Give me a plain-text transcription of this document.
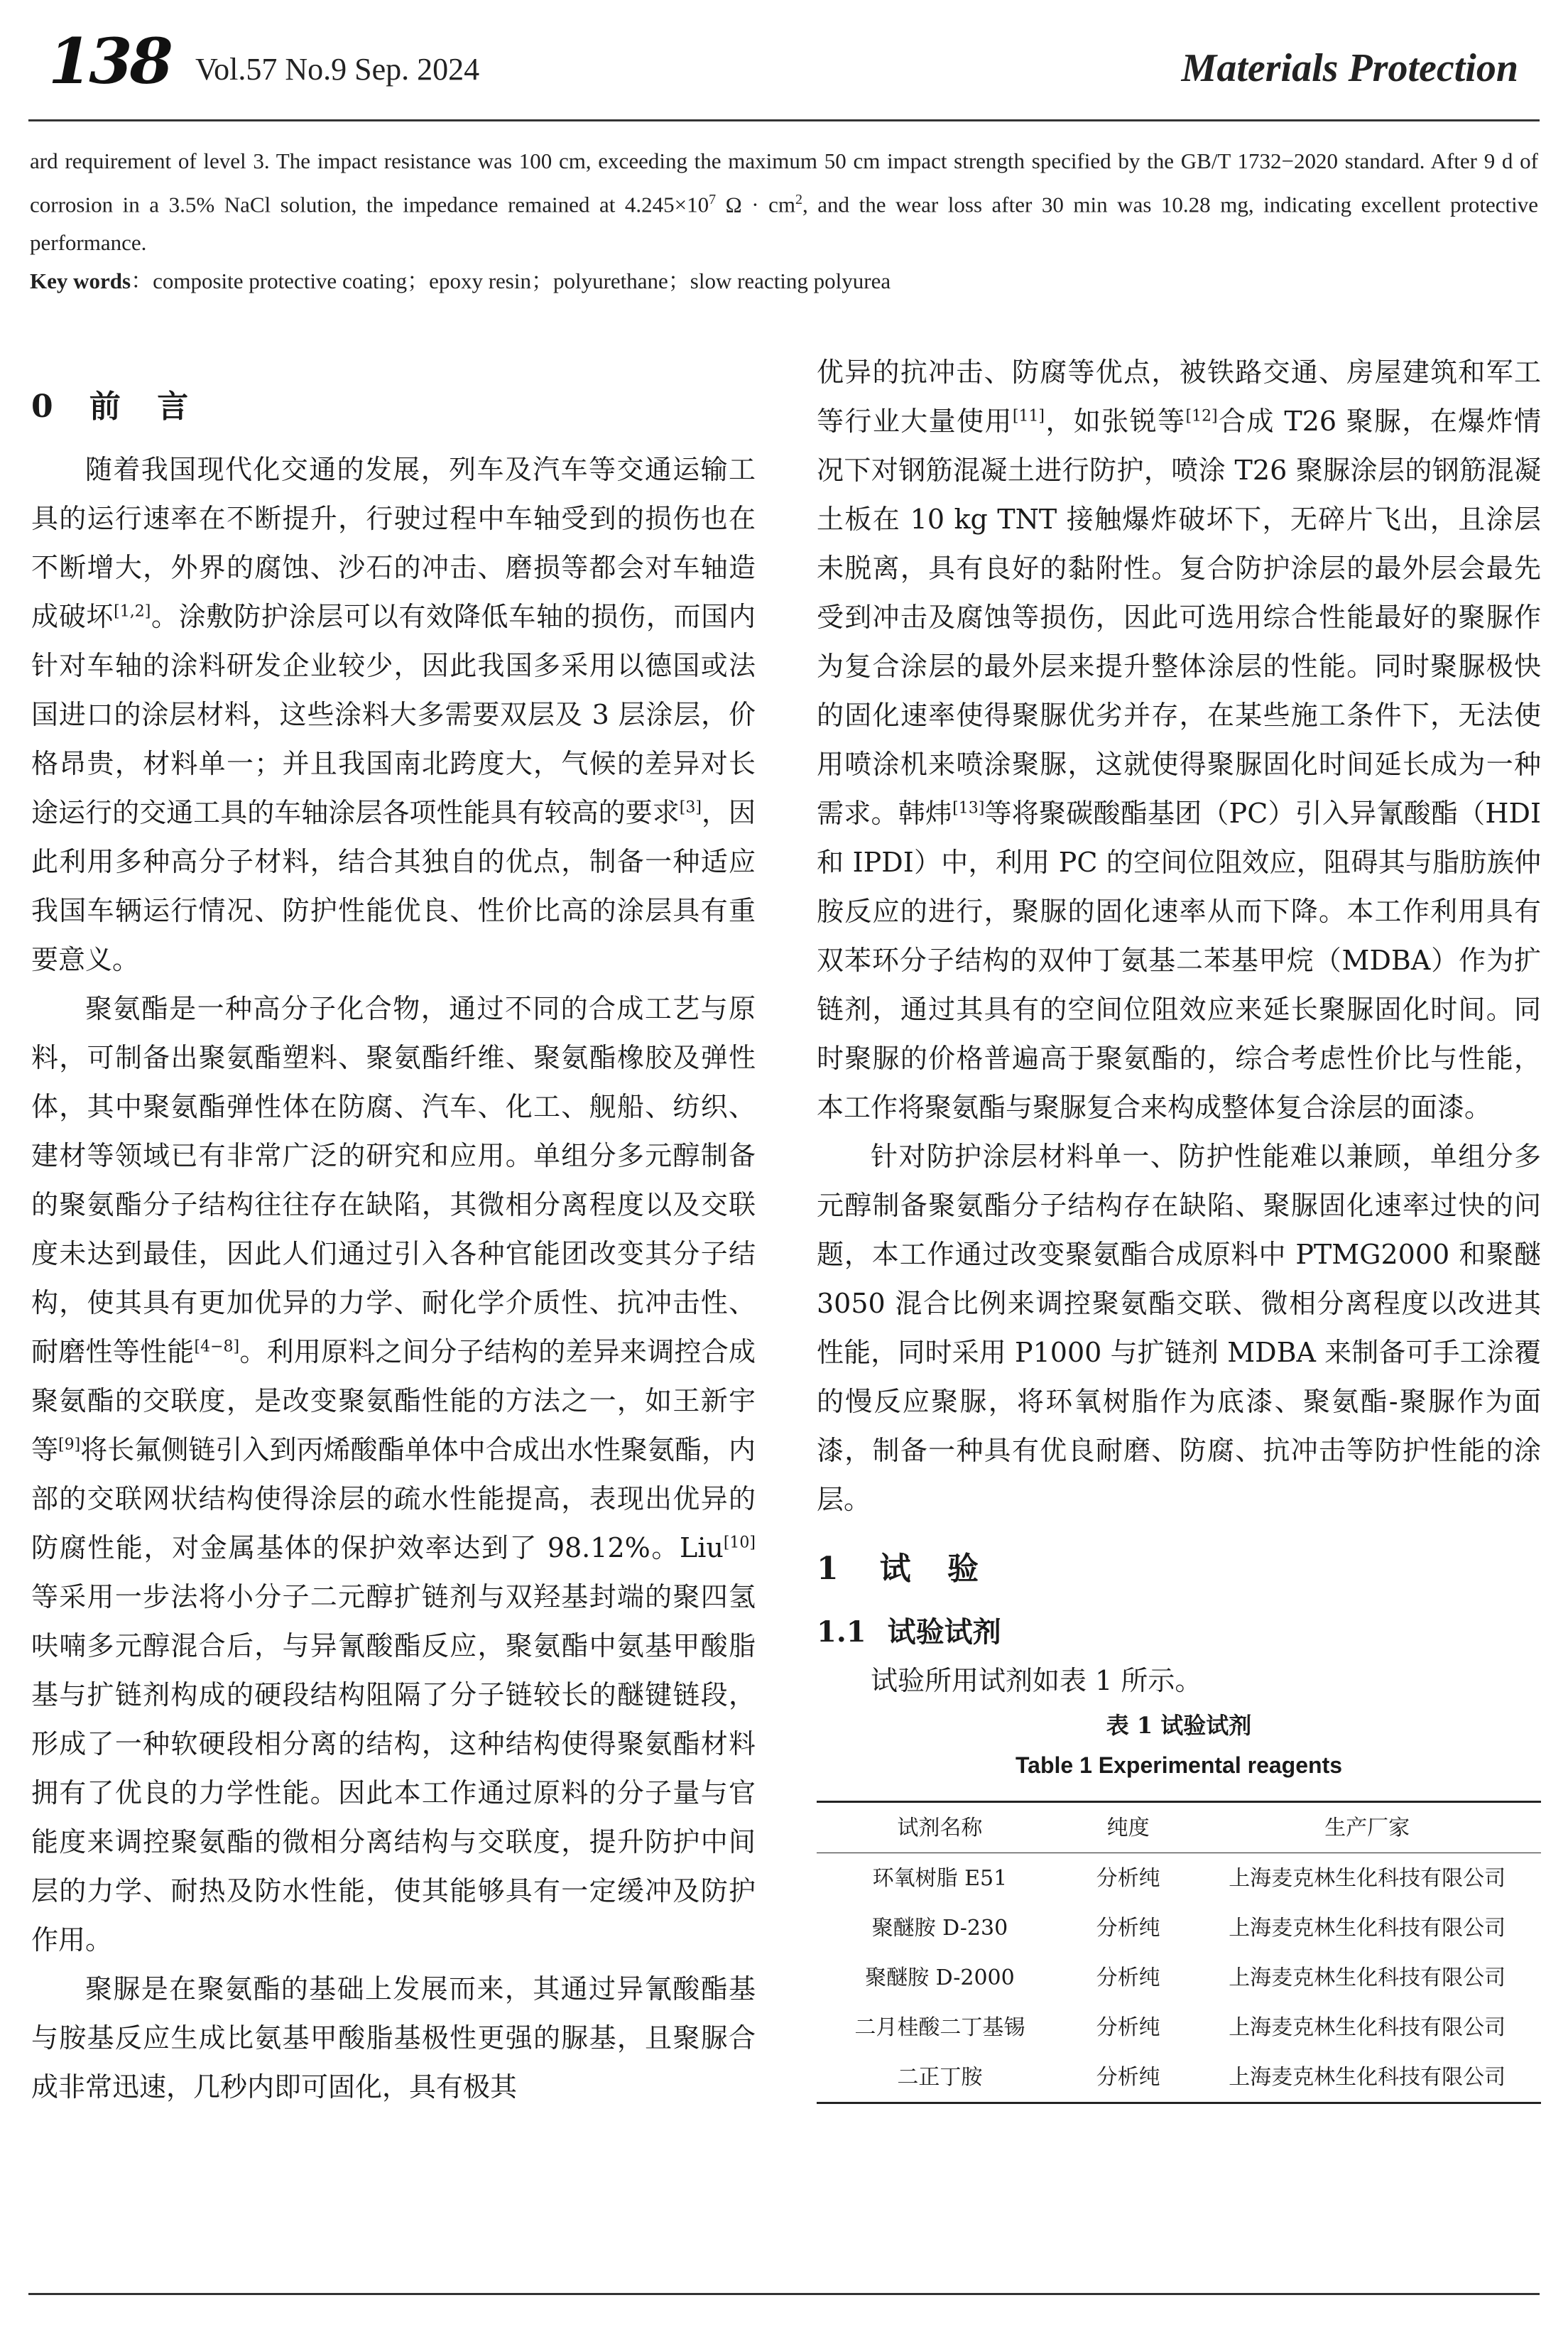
138 Vol.57 No.9 Sep. 2024	Materials Protection

ard requirement of level 3. The impact resistance was 100 cm, exceeding the maximum 50 cm impact strength specified by the GB/T 1732−2020 standard. After 9 d of corrosion in a 3.5% NaCl solution, the impedance remained at $4.245\times 10^7$ $\Omega \cdot cm^2$, and the wear loss after 30 min was 10.28 mg, indicating excellent protective performance.

Key words：composite protective coating；epoxy resin；polyurethane；slow reacting polyurea

0 前 言

随着我国现代化交通的发展，列车及汽车等交通运输工具的运行速率在不断提升，行驶过程中车轴受到的损伤也在不断增大，外界的腐蚀、沙石的冲击、磨损等都会对车轴造成破坏[1,2]。涂敷防护涂层可以有效降低车轴的损伤，而国内针对车轴的涂料研发企业较少，因此我国多采用以德国或法国进口的涂层材料，这些涂料大多需要双层及 3 层涂层，价格昂贵，材料单一；并且我国南北跨度大，气候的差异对长途运行的交通工具的车轴涂层各项性能具有较高的要求[3]，因此利用多种高分子材料，结合其独自的优点，制备一种适应我国车辆运行情况、防护性能优良、性价比高的涂层具有重要意义。

聚氨酯是一种高分子化合物，通过不同的合成工艺与原料，可制备出聚氨酯塑料、聚氨酯纤维、聚氨酯橡胶及弹性体，其中聚氨酯弹性体在防腐、汽车、化工、舰船、纺织、建材等领域已有非常广泛的研究和应用。单组分多元醇制备的聚氨酯分子结构往往存在缺陷，其微相分离程度以及交联度未达到最佳，因此人们通过引入各种官能团改变其分子结构，使其具有更加优异的力学、耐化学介质性、抗冲击性、耐磨性等性能[4−8]。利用原料之间分子结构的差异来调控合成聚氨酯的交联度，是改变聚氨酯性能的方法之一，如王新宇等[9]将长氟侧链引入到丙烯酸酯单体中合成出水性聚氨酯，内部的交联网状结构使得涂层的疏水性能提高，表现出优异的防腐性能，对金属基体的保护效率达到了 98.12%。Liu[10]等采用一步法将小分子二元醇扩链剂与双羟基封端的聚四氢呋喃多元醇混合后，与异氰酸酯反应，聚氨酯中氨基甲酸脂基与扩链剂构成的硬段结构阻隔了分子链较长的醚键链段，形成了一种软硬段相分离的结构，这种结构使得聚氨酯材料拥有了优良的力学性能。因此本工作通过原料的分子量与官能度来调控聚氨酯的微相分离结构与交联度，提升防护中间层的力学、耐热及防水性能，使其能够具有一定缓冲及防护作用。

聚脲是在聚氨酯的基础上发展而来，其通过异氰酸酯基与胺基反应生成比氨基甲酸脂基极性更强的脲基，且聚脲合成非常迅速，几秒内即可固化，具有极其

优异的抗冲击、防腐等优点，被铁路交通、房屋建筑和军工等行业大量使用[11]，如张锐等[12]合成 T26 聚脲，在爆炸情况下对钢筋混凝土进行防护，喷涂 T26 聚脲涂层的钢筋混凝土板在 10 kg TNT 接触爆炸破坏下，无碎片飞出，且涂层未脱离，具有良好的黏附性。复合防护涂层的最外层会最先受到冲击及腐蚀等损伤，因此可选用综合性能最好的聚脲作为复合涂层的最外层来提升整体涂层的性能。同时聚脲极快的固化速率使得聚脲优劣并存，在某些施工条件下，无法使用喷涂机来喷涂聚脲，这就使得聚脲固化时间延长成为一种需求。韩炜[13]等将聚碳酸酯基团（PC）引入异氰酸酯（HDI 和 IPDI）中，利用 PC 的空间位阻效应，阻碍其与脂肪族仲胺反应的进行，聚脲的固化速率从而下降。本工作利用具有双苯环分子结构的双仲丁氨基二苯基甲烷（MDBA）作为扩链剂，通过其具有的空间位阻效应来延长聚脲固化时间。同时聚脲的价格普遍高于聚氨酯的，综合考虑性价比与性能，本工作将聚氨酯与聚脲复合来构成整体复合涂层的面漆。

针对防护涂层材料单一、防护性能难以兼顾，单组分多元醇制备聚氨酯分子结构存在缺陷、聚脲固化速率过快的问题，本工作通过改变聚氨酯合成原料中 PTMG2000 和聚醚 3050 混合比例来调控聚氨酯交联、微相分离程度以改进其性能，同时采用 P1000 与扩链剂 MDBA 来制备可手工涂覆的慢反应聚脲，将环氧树脂作为底漆、聚氨酯-聚脲作为面漆，制备一种具有优良耐磨、防腐、抗冲击等防护性能的涂层。

1 试 验
1.1 试验试剂

试验所用试剂如表 1 所示。

表 1 试验试剂
Table 1 Experimental reagents
试剂名称	纯度	生产厂家
环氧树脂 E51	分析纯	上海麦克林生化科技有限公司
聚醚胺 D-230	分析纯	上海麦克林生化科技有限公司
聚醚胺 D-2000	分析纯	上海麦克林生化科技有限公司
二月桂酸二丁基锡	分析纯	上海麦克林生化科技有限公司
二正丁胺	分析纯	上海麦克林生化科技有限公司
